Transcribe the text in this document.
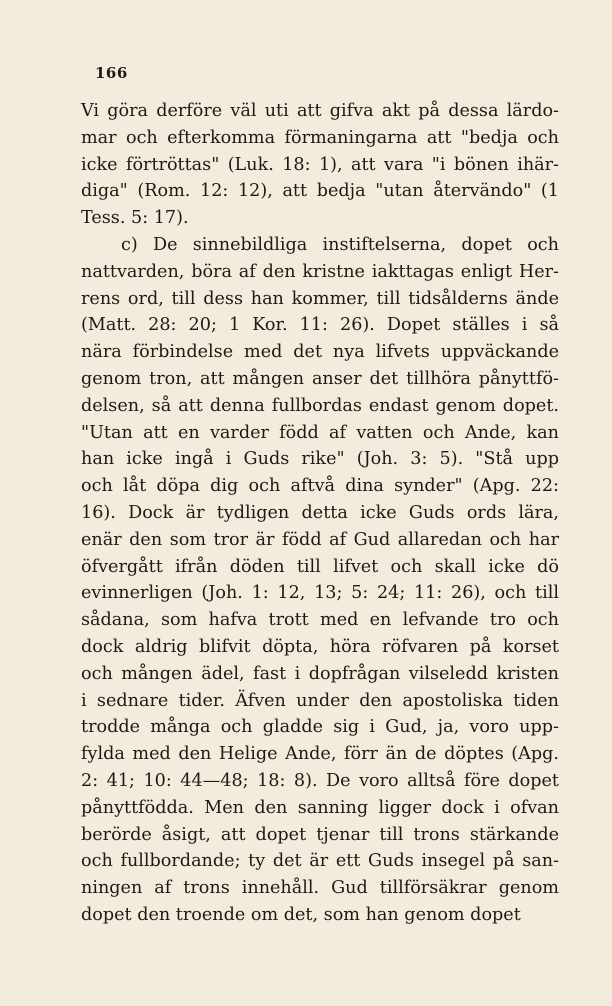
166
Vi göra derföre väl uti att gifva akt på dessa lärdo-
mar och efterkomma förmaningarna att "bedja och
icke förtröttas" (Luk. 18: 1), att vara "i bönen ihär-
diga" (Rom. 12: 12), att bedja "utan återvändo" (1
Tess. 5: 17).
c) De sinnebildliga instiftelserna, dopet och
nattvarden, böra af den kristne iakttagas enligt Her-
rens ord, till dess han kommer, till tidsålderns ände
(Matt. 28: 20; 1 Kor. 11: 26). Dopet ställes i så
nära förbindelse med det nya lifvets uppväckande
genom tron, att mången anser det tillhöra pånyttfö-
delsen, så att denna fullbordas endast genom dopet.
"Utan att en varder född af vatten och Ande, kan
han icke ingå i Guds rike" (Joh. 3: 5). "Stå upp
och låt döpa dig och aftvå dina synder" (Apg. 22:
16). Dock är tydligen detta icke Guds ords lära,
enär den som tror är född af Gud allaredan och har
öfvergått ifrån döden till lifvet och skall icke dö
evinnerligen (Joh. 1: 12, 13; 5: 24; 11: 26), och till
sådana, som hafva trott med en lefvande tro och
dock aldrig blifvit döpta, höra röfvaren på korset
och mången ädel, fast i dopfrågan vilseledd kristen
i sednare tider. Äfven under den apostoliska tiden
trodde många och gladde sig i Gud, ja, voro upp-
fylda med den Helige Ande, förr än de döptes (Apg.
2: 41; 10: 44—48; 18: 8). De voro alltså före dopet
pånyttfödda. Men den sanning ligger dock i ofvan
berörde åsigt, att dopet tjenar till trons stärkande
och fullbordande; ty det är ett Guds insegel på san-
ningen af trons innehåll. Gud tillförsäkrar genom
dopet den troende om det, som han genom dopet
